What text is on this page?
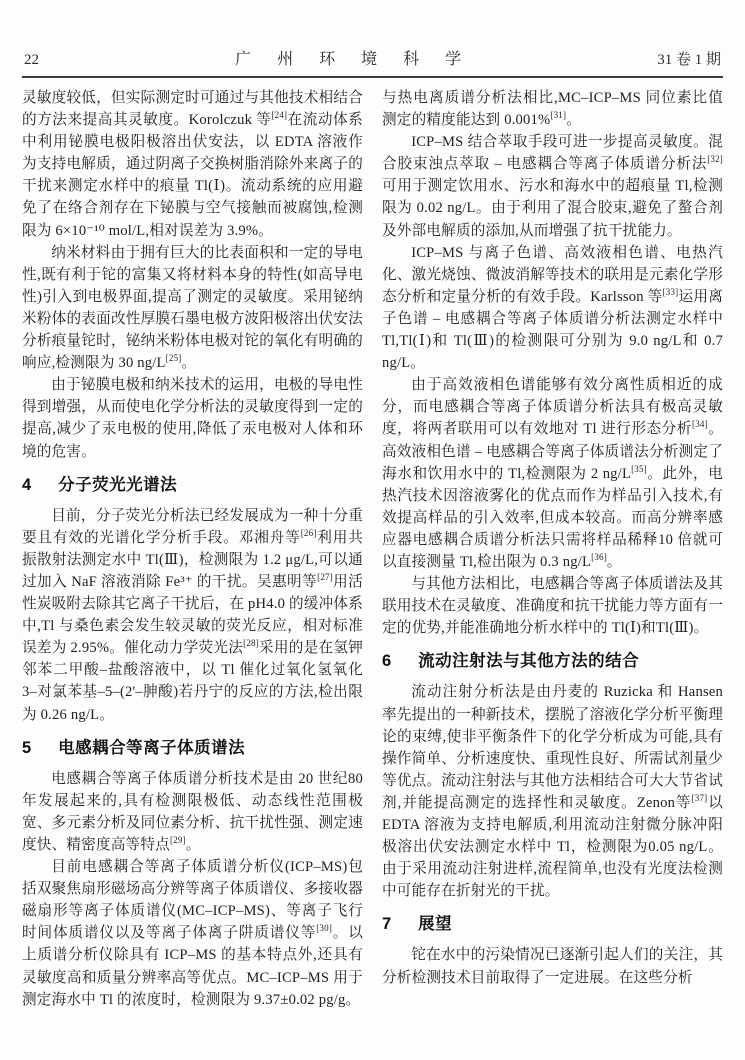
22	广 州 环 境 科 学	31 卷 1 期

灵敏度较低，但实际测定时可通过与其他技术相结合的方法来提高其灵敏度。Korolczuk 等[24]在流动体系中利用铋膜电极阳极溶出伏安法，以 EDTA 溶液作为支持电解质，通过阴离子交换树脂消除外来离子的干扰来测定水样中的痕量 Tl(Ⅰ)。流动系统的应用避免了在络合剂存在下铋膜与空气接触而被腐蚀,检测限为 6×10⁻¹⁰ mol/L,相对误差为 3.9%。

纳米材料由于拥有巨大的比表面积和一定的导电性,既有利于铊的富集又将材料本身的特性(如高导电性)引入到电极界面,提高了测定的灵敏度。采用铋纳米粉体的表面改性厚膜石墨电极方波阳极溶出伏安法分析痕量铊时，铋纳米粉体电极对铊的氧化有明确的响应,检测限为 30 ng/L[25]。

由于铋膜电极和纳米技术的运用，电极的导电性得到增强，从而使电化学分析法的灵敏度得到一定的提高,减少了汞电极的使用,降低了汞电极对人体和环境的危害。

4 分子荧光光谱法

目前，分子荧光分析法已经发展成为一种十分重要且有效的光谱化学分析手段。邓湘舟等[26]利用共振散射法测定水中 Tl(Ⅲ)，检测限为 1.2 μg/L,可以通过加入 NaF 溶液消除 Fe³⁺ 的干扰。吴惠明等[27]用活性炭吸附去除其它离子干扰后，在 pH4.0 的缓冲体系中,Tl 与桑色素会发生较灵敏的荧光反应，相对标准误差为 2.95%。催化动力学荧光法[28]采用的是在氢钾邻苯二甲酸–盐酸溶液中，以 Tl 催化过氧化氢氧化 3–对氯苯基–5–(2'–胂酸)若丹宁的反应的方法,检出限为 0.26 ng/L。

5 电感耦合等离子体质谱法

电感耦合等离子体质谱分析技术是由 20 世纪80 年发展起来的,具有检测限极低、动态线性范围极宽、多元素分析及同位素分析、抗干扰性强、测定速度快、精密度高等特点[29]。

目前电感耦合等离子体质谱分析仪(ICP–MS)包括双聚焦扇形磁场高分辨等离子体质谱仪、多接收器磁扇形等离子体质谱仪(MC–ICP–MS)、等离子飞行时间体质谱仪以及等离子体离子阱质谱仪等[30]。以上质谱分析仪除具有 ICP–MS 的基本特点外,还具有灵敏度高和质量分辨率高等优点。MC–ICP–MS 用于测定海水中 Tl 的浓度时，检测限为 9.37±0.02 pg/g。

与热电离质谱分析法相比,MC–ICP–MS 同位素比值测定的精度能达到 0.001%[31]。

ICP–MS 结合萃取手段可进一步提高灵敏度。混合胶束浊点萃取 – 电感耦合等离子体质谱分析法[32]可用于测定饮用水、污水和海水中的超痕量 Tl,检测限为 0.02 ng/L。由于利用了混合胶束,避免了螯合剂及外部电解质的添加,从而增强了抗干扰能力。

ICP–MS 与离子色谱、高效液相色谱、电热汽化、激光烧蚀、微波消解等技术的联用是元素化学形态分析和定量分析的有效手段。Karlsson 等[33]运用离子色谱 – 电感耦合等离子体质谱分析法测定水样中 Tl,Tl(Ⅰ)和 Tl(Ⅲ)的检测限可分别为 9.0 ng/L和 0.7 ng/L。

由于高效液相色谱能够有效分离性质相近的成分，而电感耦合等离子体质谱分析法具有极高灵敏度，将两者联用可以有效地对 Tl 进行形态分析[34]。高效液相色谱 – 电感耦合等离子体质谱法分析测定了海水和饮用水中的 Tl,检测限为 2 ng/L[35]。此外，电热汽技术因溶液雾化的优点而作为样品引入技术,有效提高样品的引入效率,但成本较高。而高分辨率感应器电感耦合质谱分析法只需将样品稀释10 倍就可以直接测量 Tl,检出限为 0.3 ng/L[36]。

与其他方法相比，电感耦合等离子体质谱法及其联用技术在灵敏度、准确度和抗干扰能力等方面有一定的优势,并能准确地分析水样中的 Tl(Ⅰ)和Tl(Ⅲ)。

6 流动注射法与其他方法的结合

流动注射分析法是由丹麦的 Ruzicka 和 Hansen率先提出的一种新技术，摆脱了溶液化学分析平衡理论的束缚,使非平衡条件下的化学分析成为可能,具有操作简单、分析速度快、重现性良好、所需试剂量少等优点。流动注射法与其他方法相结合可大大节省试剂,并能提高测定的选择性和灵敏度。Zenon等[37]以 EDTA 溶液为支持电解质,利用流动注射微分脉冲阳极溶出伏安法测定水样中 Tl，检测限为0.05 ng/L。由于采用流动注射进样,流程简单,也没有光度法检测中可能存在折射光的干扰。

7 展望

铊在水中的污染情况已逐渐引起人们的关注，其分析检测技术目前取得了一定进展。在这些分析
